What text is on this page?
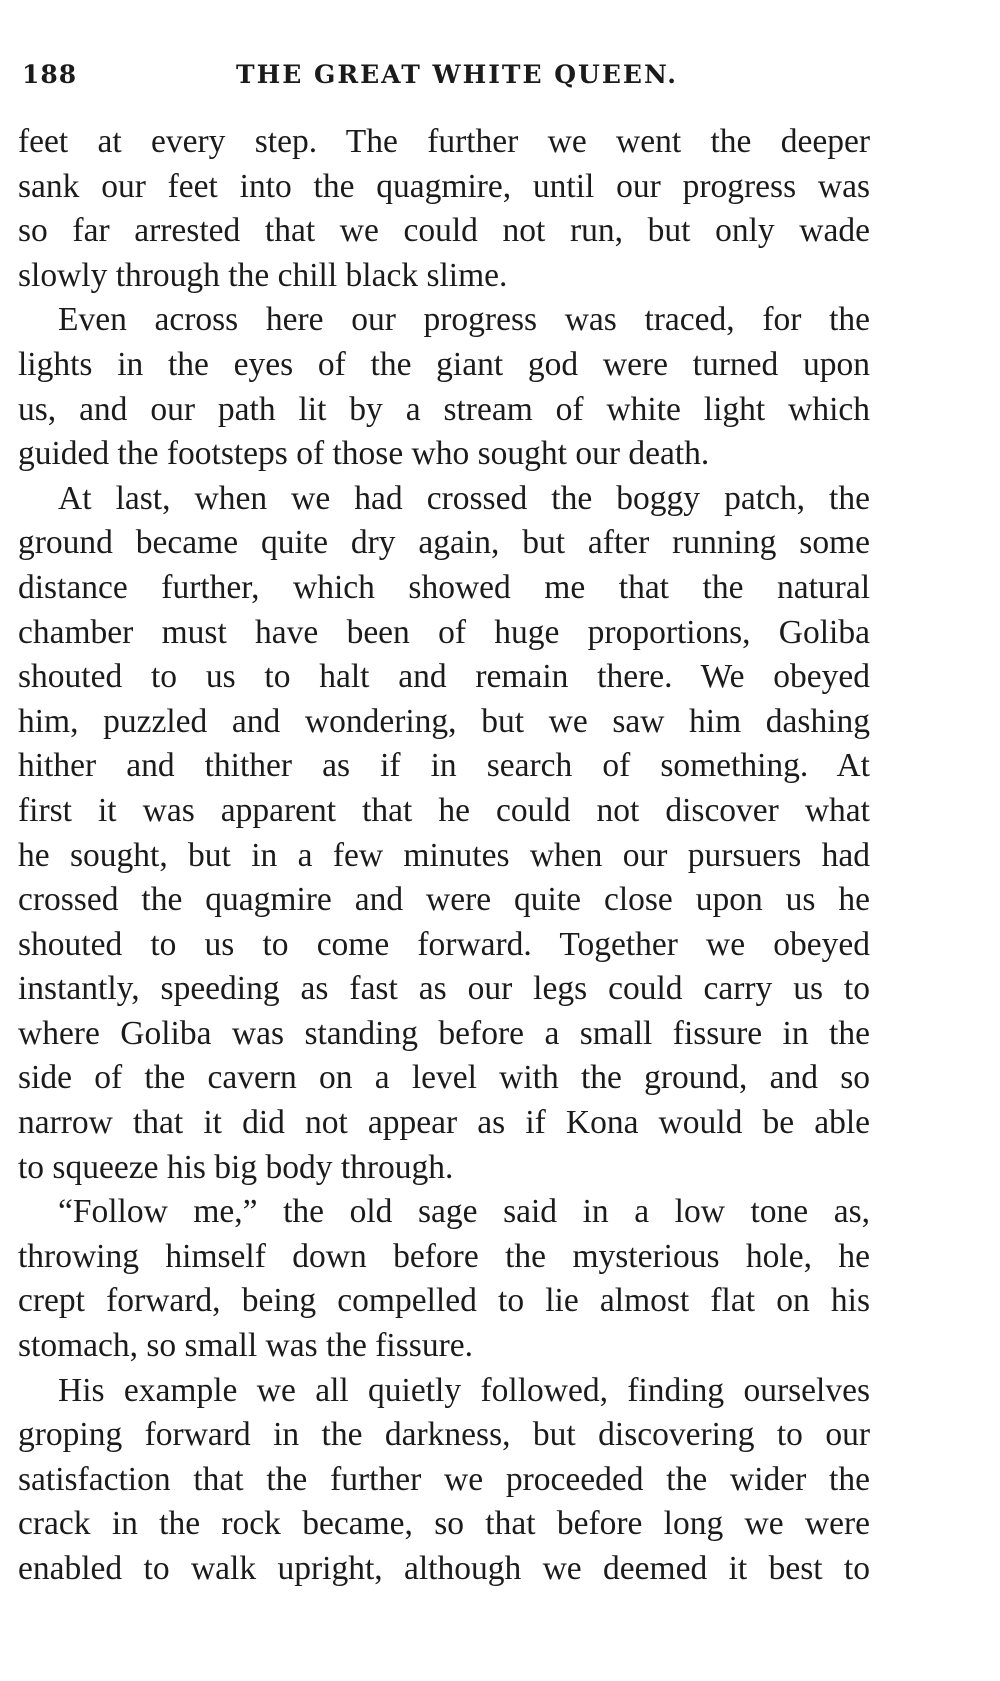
188	THE GREAT WHITE QUEEN.

feet at every step. The further we went the deeper
sank our feet into the quagmire, until our progress was
so far arrested that we could not run, but only wade
slowly through the chill black slime.

Even across here our progress was traced, for the
lights in the eyes of the giant god were turned upon
us, and our path lit by a stream of white light which
guided the footsteps of those who sought our death.

At last, when we had crossed the boggy patch, the
ground became quite dry again, but after running some
distance further, which showed me that the natural
chamber must have been of huge proportions, Goliba
shouted to us to halt and remain there. We obeyed
him, puzzled and wondering, but we saw him dashing
hither and thither as if in search of something. At
first it was apparent that he could not discover what
he sought, but in a few minutes when our pursuers had
crossed the quagmire and were quite close upon us he
shouted to us to come forward. Together we obeyed
instantly, speeding as fast as our legs could carry us to
where Goliba was standing before a small fissure in the
side of the cavern on a level with the ground, and so
narrow that it did not appear as if Kona would be able
to squeeze his big body through.

“Follow me,” the old sage said in a low tone as,
throwing himself down before the mysterious hole, he
crept forward, being compelled to lie almost flat on his
stomach, so small was the fissure.

His example we all quietly followed, finding ourselves
groping forward in the darkness, but discovering to our
satisfaction that the further we proceeded the wider the
crack in the rock became, so that before long we were
enabled to walk upright, although we deemed it best to
